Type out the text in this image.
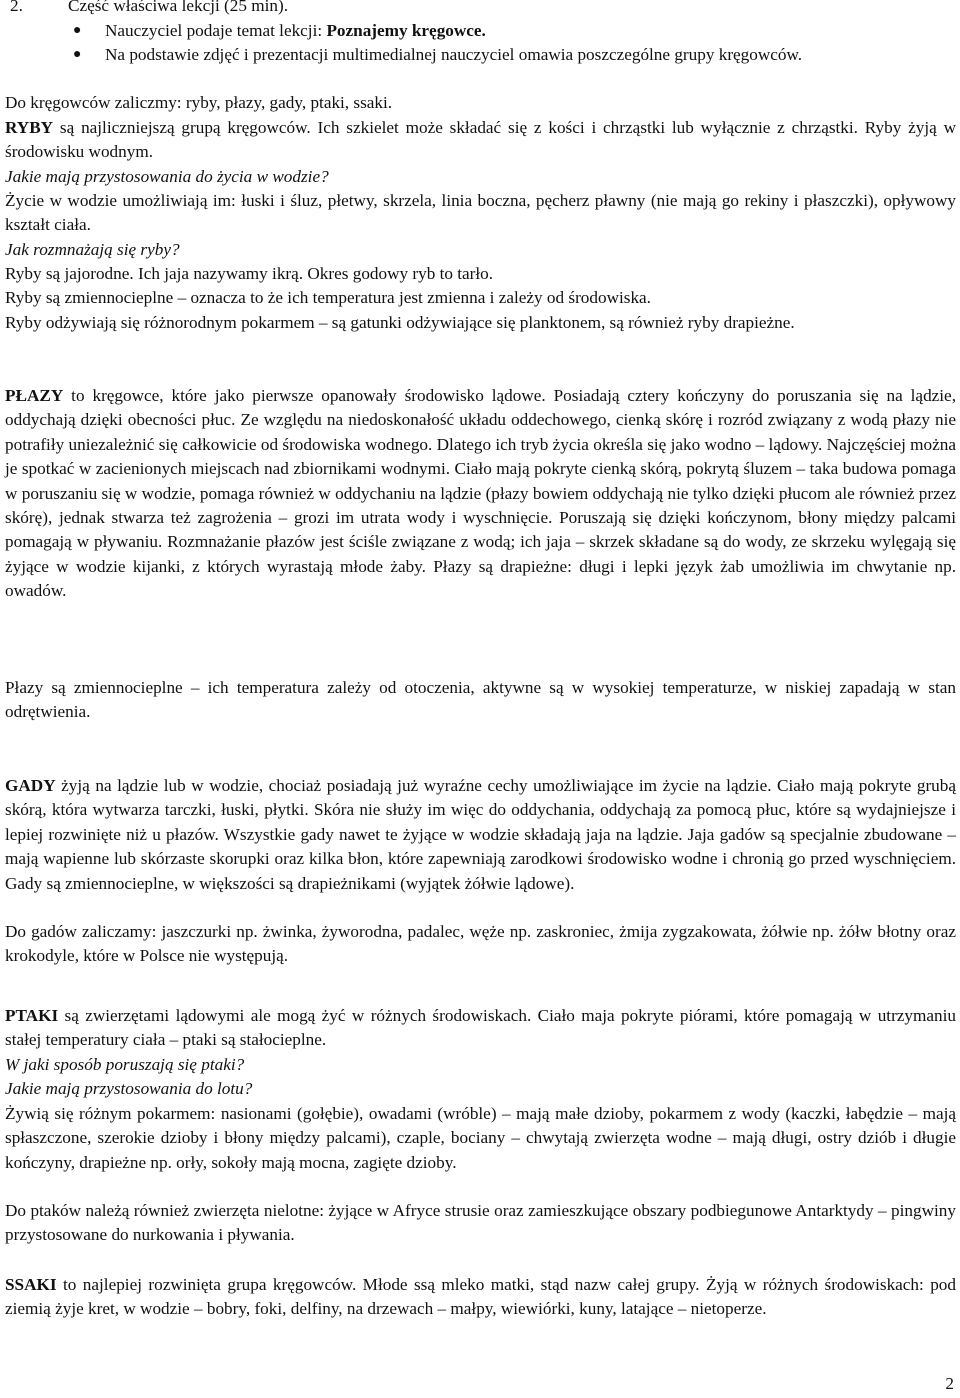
2.	Część właściwa lekcji (25 min).
● Nauczyciel podaje temat lekcji: Poznajemy kręgowce.
● Na podstawie zdjęć i prezentacji multimedialnej nauczyciel omawia poszczególne grupy kręgowców.

Do kręgowców zaliczmy: ryby, płazy, gady, ptaki, ssaki.

RYBY są najliczniejszą grupą kręgowców. Ich szkielet może składać się z kości i chrząstki lub wyłącznie z chrząstki. Ryby żyją w środowisku wodnym.

Jakie mają przystosowania do życia w wodzie?

Życie w wodzie umożliwiają im: łuski i śluz, płetwy, skrzela, linia boczna, pęcherz pławny (nie mają go rekiny i płaszczki), opływowy kształt ciała.

Jak rozmnażają się ryby?

Ryby są jajorodne. Ich jaja nazywamy ikrą. Okres godowy ryb to tarło.

Ryby są zmiennocieplne – oznacza to że ich temperatura jest zmienna i zależy od środowiska.

Ryby odżywiają się różnorodnym pokarmem – są gatunki odżywiające się planktonem, są również ryby drapieżne.

PŁAZY to kręgowce, które jako pierwsze opanowały środowisko lądowe. Posiadają cztery kończyny do poruszania się na lądzie, oddychają dzięki obecności płuc. Ze względu na niedoskonałość układu oddechowego, cienką skórę i rozród związany z wodą płazy nie potrafiły uniezależnić się całkowicie od środowiska wodnego. Dlatego ich tryb życia określa się jako wodno – lądowy. Najczęściej można je spotkać w zacienionych miejscach nad zbiornikami wodnymi. Ciało mają pokryte cienką skórą, pokrytą śluzem – taka budowa pomaga w poruszaniu się w wodzie, pomaga również w oddychaniu na lądzie (płazy bowiem oddychają nie tylko dzięki płucom ale również przez skórę), jednak stwarza też zagrożenia – grozi im utrata wody i wyschnięcie. Poruszają się dzięki kończynom, błony między palcami pomagają w pływaniu. Rozmnażanie płazów jest ściśle związane z wodą; ich jaja – skrzek składane są do wody, ze skrzeku wylęgają się żyjące w wodzie kijanki, z których wyrastają młode żaby. Płazy są drapieżne: długi i lepki język żab umożliwia im chwytanie np. owadów.

Płazy są zmiennocieplne – ich temperatura zależy od otoczenia, aktywne są w wysokiej temperaturze, w niskiej zapadają w stan odrętwienia.

GADY żyją na lądzie lub w wodzie, chociaż posiadają już wyraźne cechy umożliwiające im życie na lądzie. Ciało mają pokryte grubą skórą, która wytwarza tarczki, łuski, płytki. Skóra nie służy im więc do oddychania, oddychają za pomocą płuc, które są wydajniejsze i lepiej rozwinięte niż u płazów. Wszystkie gady nawet te żyjące w wodzie składają jaja na lądzie. Jaja gadów są specjalnie zbudowane – mają wapienne lub skórzaste skorupki oraz kilka błon, które zapewniają zarodkowi środowisko wodne i chronią go przed wyschnięciem. Gady są zmiennocieplne, w większości są drapieżnikami (wyjątek żółwie lądowe).

Do gadów zaliczamy: jaszczurki np. żwinka, żyworodna, padalec, węże np. zaskroniec, żmija zygzakowata, żółwie np. żółw błotny oraz krokodyle, które w Polsce nie występują.

PTAKI są zwierzętami lądowymi ale mogą żyć w różnych środowiskach. Ciało maja pokryte piórami, które pomagają w utrzymaniu stałej temperatury ciała – ptaki są stałocieplne.

W jaki sposób poruszają się ptaki?

Jakie mają przystosowania do lotu?

Żywią się różnym pokarmem: nasionami (gołębie), owadami (wróble) – mają małe dzioby, pokarmem z wody (kaczki, łabędzie – mają spłaszczone, szerokie dzioby i błony między palcami), czaple, bociany – chwytają zwierzęta wodne – mają długi, ostry dziób i długie kończyny, drapieżne np. orły, sokoły mają mocna, zagięte dzioby.

Do ptaków należą również zwierzęta nielotne: żyjące w Afryce strusie oraz zamieszkujące obszary podbiegunowe Antarktydy – pingwiny przystosowane do nurkowania i pływania.

SSAKI to najlepiej rozwinięta grupa kręgowców. Młode ssą mleko matki, stąd nazw całej grupy. Żyją w różnych środowiskach: pod ziemią żyje kret, w wodzie – bobry, foki, delfiny, na drzewach – małpy, wiewiórki, kuny, latające – nietoperze.

2
